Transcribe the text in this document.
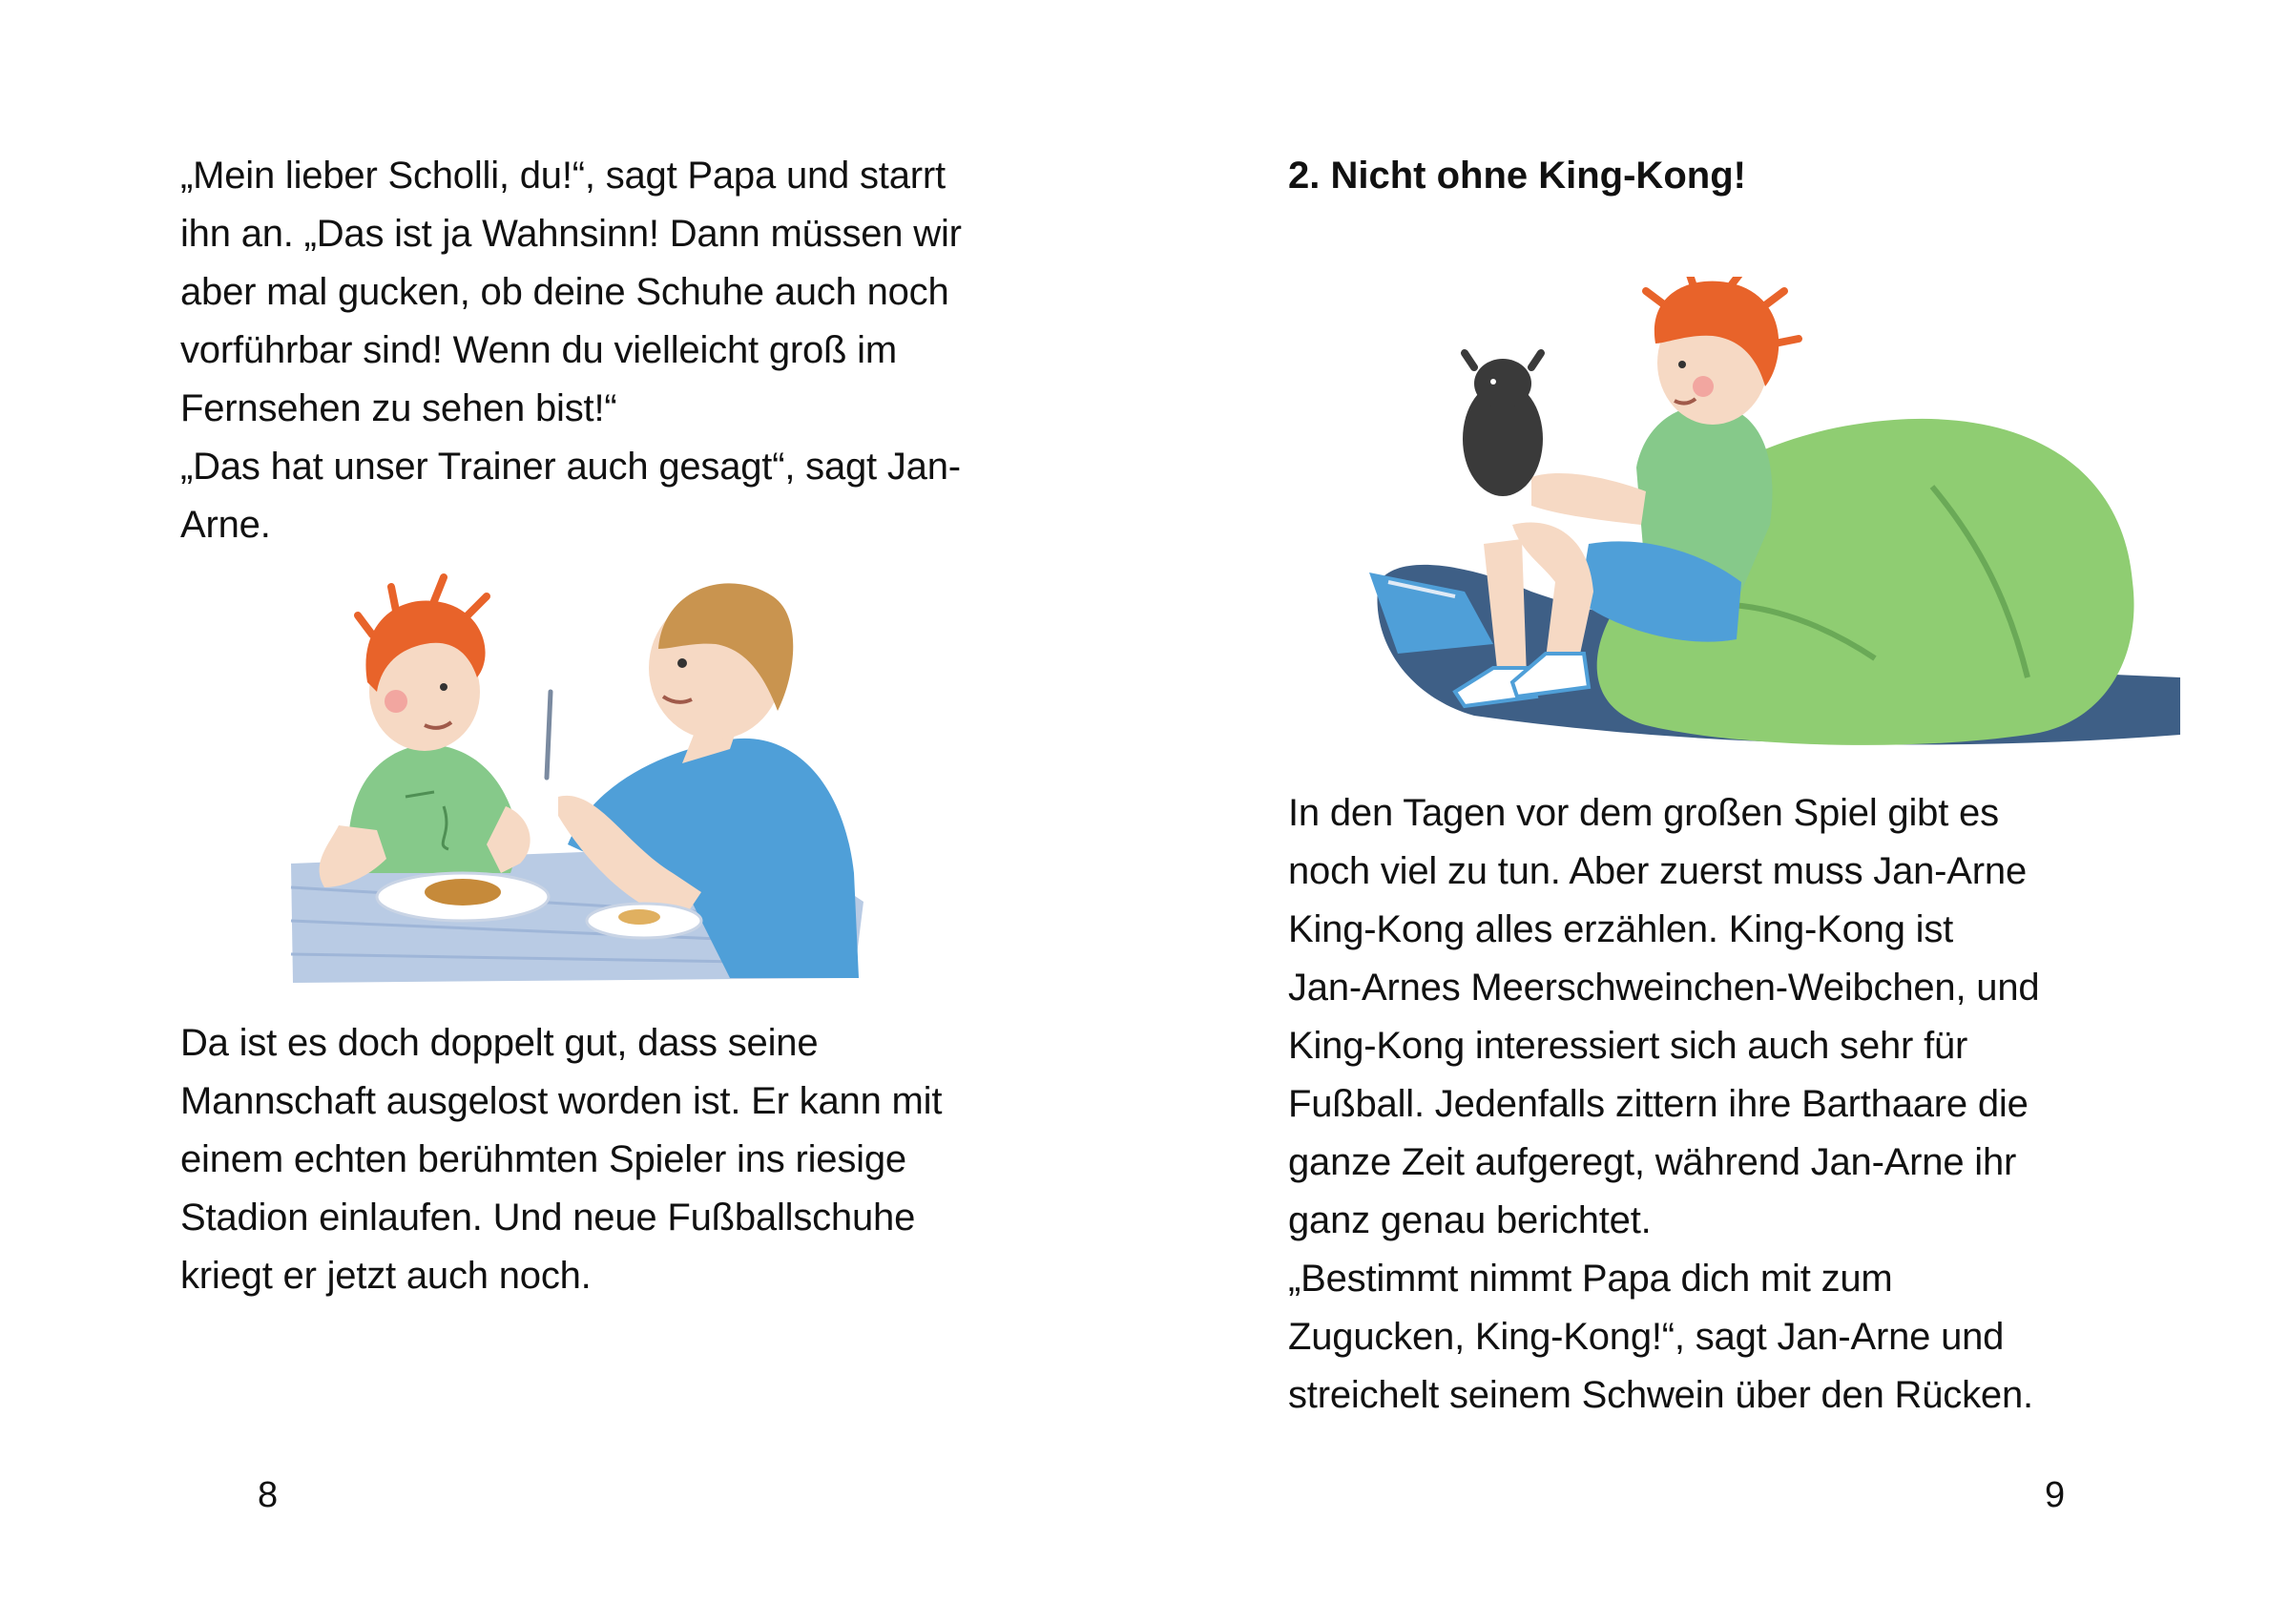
„Mein lieber Scholli, du!“, sagt Papa und starrt
ihn an. „Das ist ja Wahnsinn! Dann müssen wir
aber mal gucken, ob deine Schuhe auch noch
vorführbar sind! Wenn du vielleicht groß im
Fernsehen zu sehen bist!“
„Das hat unser Trainer auch gesagt“, sagt Jan-
Arne.
Da ist es doch doppelt gut, dass seine
Mannschaft ausgelost worden ist. Er kann mit
einem echten berühmten Spieler ins riesige
Stadion einlaufen. Und neue Fußballschuhe
kriegt er jetzt auch noch.
8
2. Nicht ohne King-Kong!
In den Tagen vor dem großen Spiel gibt es
noch viel zu tun. Aber zuerst muss Jan-Arne
King-Kong alles erzählen. King-Kong ist
Jan-Arnes Meerschweinchen-Weibchen, und
King-Kong interessiert sich auch sehr für
Fußball. Jedenfalls zittern ihre Barthaare die
ganze Zeit aufgeregt, während Jan-Arne ihr
ganz genau berichtet.
„Bestimmt nimmt Papa dich mit zum
Zugucken, King-Kong!“, sagt Jan-Arne und
streichelt seinem Schwein über den Rücken.
9
